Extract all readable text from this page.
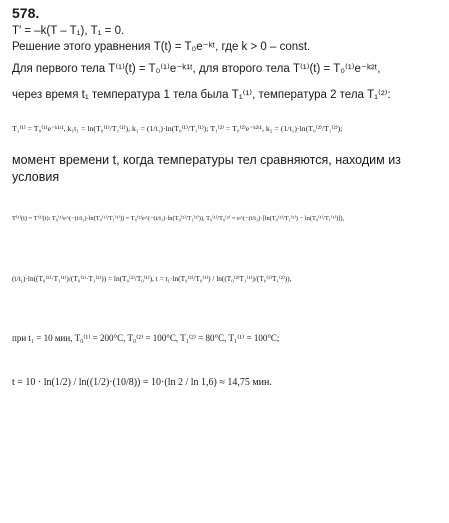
578.
T′ = –k(T – T₁), T₁ = 0.
Решение этого уравнения T(t) = T₀e⁻ᵏᵗ, где k > 0 – const.
Для первого тела T⁽¹⁾(t) = T₀⁽¹⁾e⁻ᵏ¹ᵗ, для второго тела T⁽¹⁾(t) = T₀⁽¹⁾e⁻ᵏ²ᵗ,
через время t₁ температура 1 тела была T₁⁽¹⁾, температура 2 тела T₁⁽²⁾:
T₁⁽¹⁾ = T₀⁽¹⁾e⁻ᵏ¹ᵗ¹, k₁t₁ = ln(T₀⁽¹⁾/T₁⁽¹⁾), k₁ = (1/t₁)·ln(T₀⁽¹⁾/T₁⁽¹⁾); T₁⁽²⁾ = T₀⁽²⁾e⁻ᵏ²ᵗ¹, k₂ = (1/t₁)·ln(T₀⁽²⁾/T₁⁽²⁾);
момент времени t, когда температуры тел сравняются, находим из
условия
T⁽¹⁾(t) = T⁽²⁾(t): T₀⁽¹⁾e^(−(t/t₁)·ln(T₀⁽¹⁾/T₁⁽¹⁾)) = T₀⁽²⁾e^(−(t/t₁)·ln(T₀⁽²⁾/T₁⁽²⁾)), T₀⁽¹⁾/T₀⁽²⁾ = e^(−(t/t₁)·[ln(T₀⁽²⁾/T₁⁽²⁾) − ln(T₀⁽¹⁾/T₁⁽¹⁾)]),
(t/t₁)·ln((T₀⁽²⁾·T₁⁽¹⁾)/(T₀⁽¹⁾·T₁⁽²⁾)) = ln(T₀⁽²⁾/T₀⁽¹⁾), t = t₁·ln(T₀⁽²⁾/T₀⁽¹⁾) / ln((T₀⁽²⁾T₁⁽¹⁾)/(T₀⁽¹⁾T₁⁽²⁾)),
при t₁ = 10 мин, T₀⁽¹⁾ = 200°C, T₀⁽²⁾ = 100°C, T₁⁽²⁾ = 80°C, T₁⁽¹⁾ = 100°C;
t = 10 · ln(1/2) / ln((1/2)·(10/8)) = 10·(ln 2 / ln 1,6) ≈ 14,75 мин.
